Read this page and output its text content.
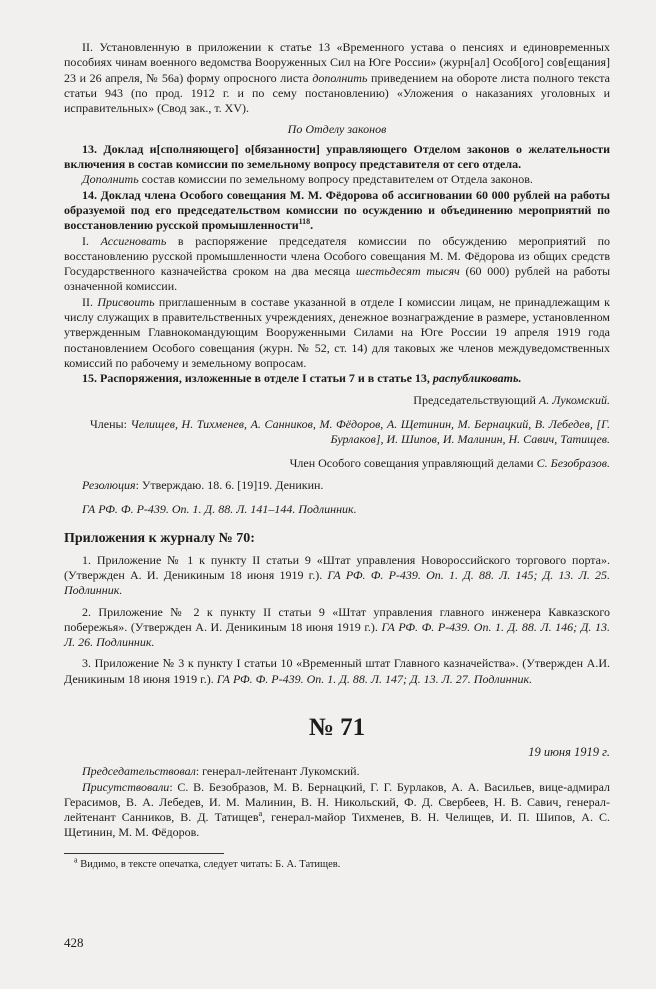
II. Установленную в приложении к статье 13 «Временного устава о пенсиях и единовременных пособиях чинам военного ведомства Вооруженных Сил на Юге России» (журн[ал] Особ[ого] сов[ещания] 23 и 26 апреля, № 56а) форму опросного листа дополнить приведением на обороте листа полного текста статьи 943 (по прод. 1912 г. и по сему постановлению) «Уложения о наказаниях уголовных и исправительных» (Свод зак., т. XV).

По Отделу законов

13. Доклад и[сполняющего] о[бязанности] управляющего Отделом законов о желательности включения в состав комиссии по земельному вопросу представителя от сего отдела.

Дополнить состав комиссии по земельному вопросу представителем от Отдела законов.

14. Доклад члена Особого совещания М. М. Фёдорова об ассигновании 60 000 рублей на работы образуемой под его председательством комиссии по осуждению и объединению мероприятий по восстановлению русской промышленности$^{118}$.

I. Ассигновать в распоряжение председателя комиссии по обсуждению мероприятий по восстановлению русской промышленности члена Особого совещания М. М. Фёдорова из общих средств Государственного казначейства сроком на два месяца шестьдесят тысяч (60 000) рублей на работы означенной комиссии.

II. Присвоить приглашенным в составе указанной в отделе I комиссии лицам, не принадлежащим к числу служащих в правительственных учреждениях, денежное вознаграждение в размере, установленном утвержденным Главнокомандующим Вооруженными Силами на Юге России 19 апреля 1919 года постановлением Особого совещания (журн. № 52, ст. 14) для таковых же членов междуведомственных комиссий по рабочему и земельному вопросам.

15. Распоряжения, изложенные в отделе I статьи 7 и в статье 13, распубликовать.

Председательствующий А. Лукомский.

Члены: Челищев, Н. Тихменев, А. Санников, М. Фёдоров, А. Щетинин, М. Бернацкий, В. Лебедев, [Г. Бурлаков], И. Шипов, И. Малинин, Н. Савич, Татищев.

Член Особого совещания управляющий делами С. Безобразов.

Резолюция: Утверждаю. 18. 6. [19]19. Деникин.

ГА РФ. Ф. Р-439. Оп. 1. Д. 88. Л. 141–144. Подлинник.

Приложения к журналу № 70:

1. Приложение № 1 к пункту II статьи 9 «Штат управления Новороссийского торгового порта». (Утвержден А. И. Деникиным 18 июня 1919 г.). ГА РФ. Ф. Р-439. Оп. 1. Д. 88. Л. 145; Д. 13. Л. 25. Подлинник.

2. Приложение № 2 к пункту II статьи 9 «Штат управления главного инженера Кавказского побережья». (Утвержден А. И. Деникиным 18 июня 1919 г.). ГА РФ. Ф. Р-439. Оп. 1. Д. 88. Л. 146; Д. 13. Л. 26. Подлинник.

3. Приложение № 3 к пункту I статьи 10 «Временный штат Главного казначейства». (Утвержден А.И. Деникиным 18 июня 1919 г.). ГА РФ. Ф. Р-439. Оп. 1. Д. 88. Л. 147; Д. 13. Л. 27. Подлинник.

№ 71

19 июня 1919 г.

Председательствовал: генерал-лейтенант Лукомский.

Присутствовали: С. В. Безобразов, М. В. Бернацкий, Г. Г. Бурлаков, А. А. Васильев, вице-адмирал Герасимов, В. А. Лебедев, И. М. Малинин, В. Н. Никольский, Ф. Д. Свербеев, Н. В. Савич, генерал-лейтенант Санников, В. Д. Татищев$^а$, генерал-майор Тихменев, В. Н. Челищев, И. П. Шипов, А. С. Щетинин, М. М. Фёдоров.

$^а$ Видимо, в тексте опечатка, следует читать: Б. А. Татищев.

428
